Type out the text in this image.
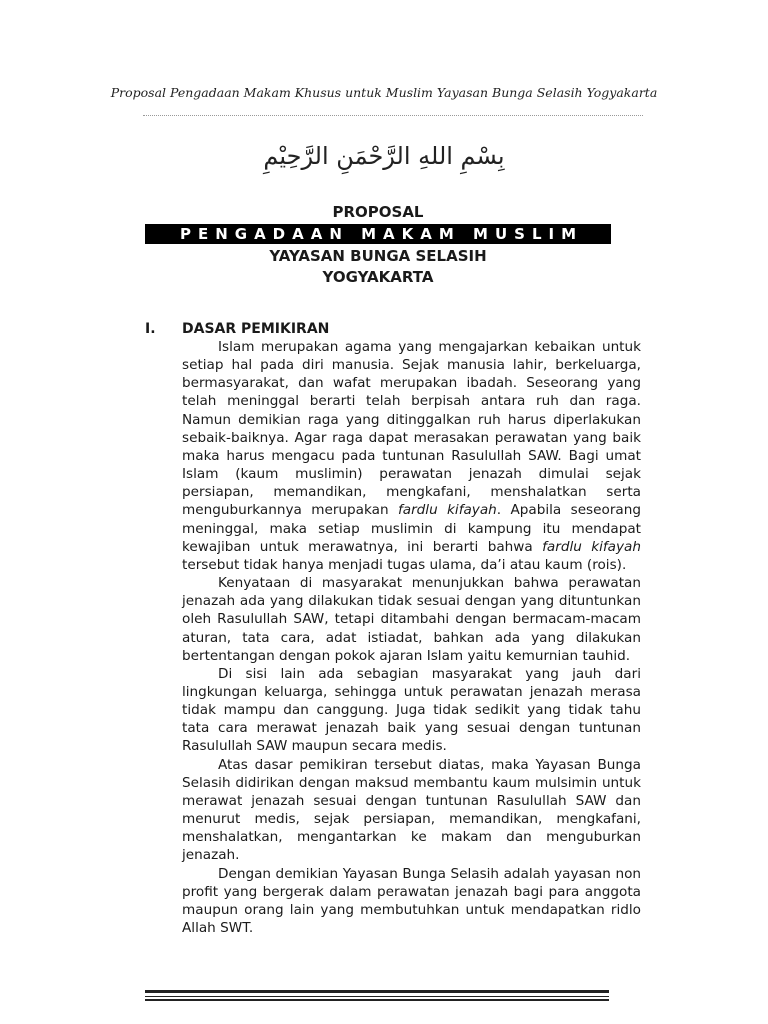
Proposal Pengadaan Makam Khusus untuk Muslim Yayasan Bunga Selasih Yogyakarta
بِسْمِ اللهِ الرَّحْمَنِ الرَّحِيْمِ
PROPOSAL
PENGADAAN MAKAM MUSLIM
YAYASAN BUNGA SELASIH
YOGYAKARTA
I. DASAR PEMIKIRAN

Islam merupakan agama yang mengajarkan kebaikan untuk setiap hal pada diri manusia. Sejak manusia lahir, berkeluarga, bermasyarakat, dan wafat merupakan ibadah. Seseorang yang telah meninggal berarti telah berpisah antara ruh dan raga. Namun demikian raga yang ditinggalkan ruh harus diperlakukan sebaik-baiknya. Agar raga dapat merasakan perawatan yang baik maka harus mengacu pada tuntunan Rasulullah SAW. Bagi umat Islam (kaum muslimin) perawatan jenazah dimulai sejak persiapan, memandikan, mengkafani, menshalatkan serta menguburkannya merupakan fardlu kifayah. Apabila seseorang meninggal, maka setiap muslimin di kampung itu mendapat kewajiban untuk merawatnya, ini berarti bahwa fardlu kifayah tersebut tidak hanya menjadi tugas ulama, da’i atau kaum (rois).

Kenyataan di masyarakat menunjukkan bahwa perawatan jenazah ada yang dilakukan tidak sesuai dengan yang dituntunkan oleh Rasulullah SAW, tetapi ditambahi dengan bermacam-macam aturan, tata cara, adat istiadat, bahkan ada yang dilakukan bertentangan dengan pokok ajaran Islam yaitu kemurnian tauhid.

Di sisi lain ada sebagian masyarakat yang jauh dari lingkungan keluarga, sehingga untuk perawatan jenazah merasa tidak mampu dan canggung. Juga tidak sedikit yang tidak tahu tata cara merawat jenazah baik yang sesuai dengan tuntunan Rasulullah SAW maupun secara medis.

Atas dasar pemikiran tersebut diatas, maka Yayasan Bunga Selasih didirikan dengan maksud membantu kaum mulsimin untuk merawat jenazah sesuai dengan tuntunan Rasulullah SAW dan menurut medis, sejak persiapan, memandikan, mengkafani, menshalatkan, mengantarkan ke makam dan menguburkan jenazah.

Dengan demikian Yayasan Bunga Selasih adalah yayasan non profit yang bergerak dalam perawatan jenazah bagi para anggota maupun orang lain yang membutuhkan untuk mendapatkan ridlo Allah SWT.
